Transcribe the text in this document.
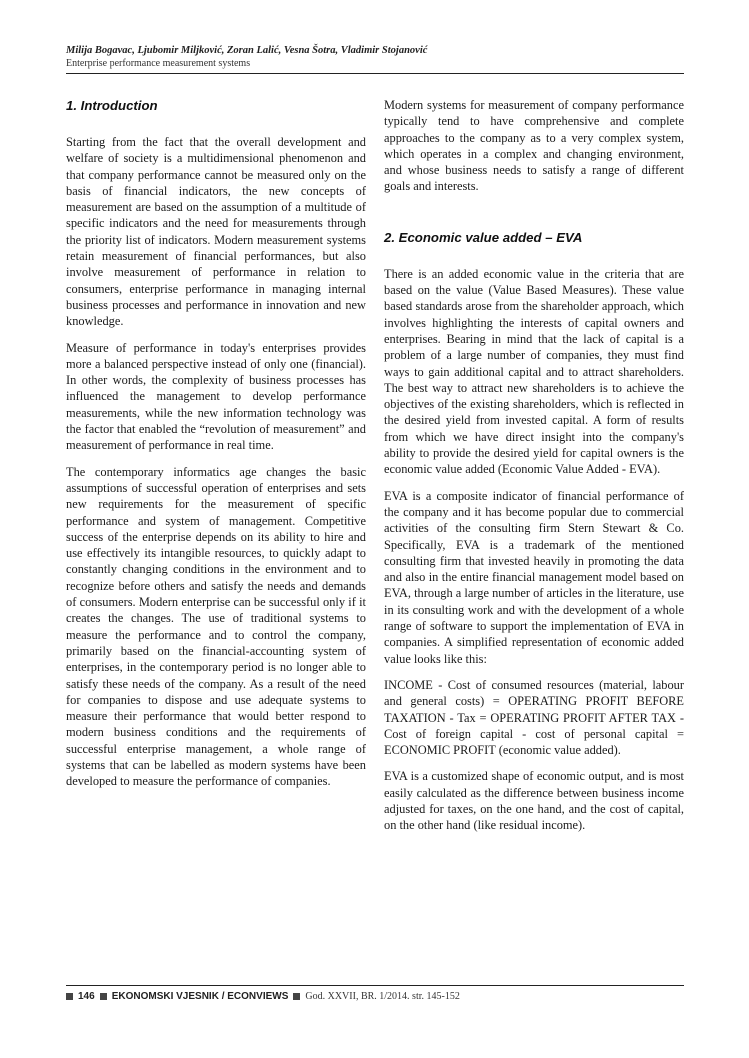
Milija Bogavac, Ljubomir Miljković, Zoran Lalić, Vesna Šotra, Vladimir Stojanović
Enterprise performance measurement systems
1. Introduction

Starting from the fact that the overall development and welfare of society is a multidimensional phenomenon and that company performance cannot be measured only on the basis of financial indicators, the new concepts of measurement are based on the assumption of a multitude of specific indicators and the need for measurements through the priority list of indicators. Modern measurement systems retain measurement of financial performances, but also involve measurement of performance in relation to consumers, enterprise performance in managing internal business processes and performance in innovation and new knowledge.

Measure of performance in today's enterprises provides more a balanced perspective instead of only one (financial). In other words, the complexity of business processes has influenced the management to develop performance measurements, while the new information technology was the factor that enabled the “revolution of measurement” and measurement of performance in real time.

The contemporary informatics age changes the basic assumptions of successful operation of enterprises and sets new requirements for the measurement of specific performance and system of management. Competitive success of the enterprise depends on its ability to hire and use effectively its intangible resources, to quickly adapt to constantly changing conditions in the environment and to recognize before others and satisfy the needs and demands of consumers. Modern enterprise can be successful only if it creates the changes. The use of traditional systems to measure the performance and to control the company, primarily based on the financial-accounting system of enterprises, in the contemporary period is no longer able to satisfy these needs of the company. As a result of the need for companies to dispose and use adequate systems to measure their performance that would better respond to modern business conditions and the requirements of successful enterprise management, a whole range of systems that can be labelled as modern systems have been developed to measure the performance of companies.

Modern systems for measurement of company performance typically tend to have comprehensive and complete approaches to the company as to a very complex system, which operates in a complex and changing environment, and whose business needs to satisfy a range of different goals and interests.

2. Economic value added – EVA

There is an added economic value in the criteria that are based on the value (Value Based Measures). These value based standards arose from the shareholder approach, which involves highlighting the interests of capital owners and enterprises. Bearing in mind that the lack of capital is a problem of a large number of companies, they must find ways to gain additional capital and to attract shareholders. The best way to attract new shareholders is to achieve the objectives of the existing shareholders, which is reflected in the desired yield from invested capital. A form of results from which we have direct insight into the company's ability to provide the desired yield for capital owners is the economic value added (Economic Value Added - EVA).

EVA is a composite indicator of financial performance of the company and it has become popular due to commercial activities of the consulting firm Stern Stewart & Co. Specifically, EVA is a trademark of the mentioned consulting firm that invested heavily in promoting the data and also in the entire financial management model based on EVA, through a large number of articles in the literature, use in its consulting work and with the development of a whole range of software to support the implementation of EVA in companies. A simplified representation of economic added value looks like this:

INCOME - Cost of consumed resources (material, labour and general costs) = OPERATING PROFIT BEFORE TAXATION - Tax = OPERATING PROFIT AFTER TAX - Cost of foreign capital - cost of personal capital = ECONOMIC PROFIT (economic value added).

EVA is a customized shape of economic output, and is most easily calculated as the difference between business income adjusted for taxes, on the one hand, and the cost of capital, on the other hand (like residual income).

146 EKONOMSKI VJESNIK / ECONVIEWS God. XXVII, BR. 1/2014. str. 145-152
